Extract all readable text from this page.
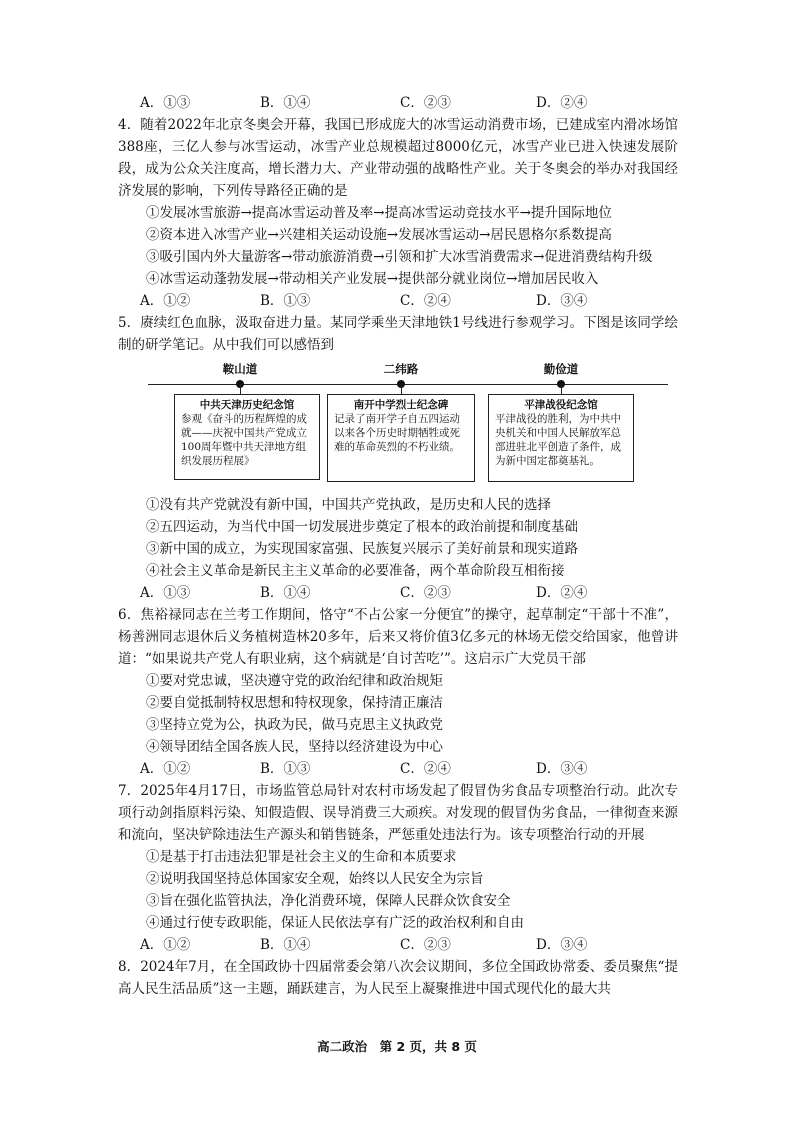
A．①③	B．①④	C．②③	D．②④
4．随着2022年北京冬奥会开幕，我国已形成庞大的冰雪运动消费市场，已建成室内滑冰场馆388座，三亿人参与冰雪运动，冰雪产业总规模超过8000亿元，冰雪产业已进入快速发展阶段，成为公众关注度高，增长潜力大、产业带动强的战略性产业。关于冬奥会的举办对我国经济发展的影响，下列传导路径正确的是
①发展冰雪旅游→提高冰雪运动普及率→提高冰雪运动竞技水平→提升国际地位
②资本进入冰雪产业→兴建相关运动设施→发展冰雪运动→居民恩格尔系数提高
③吸引国内外大量游客→带动旅游消费→引领和扩大冰雪消费需求→促进消费结构升级
④冰雪运动蓬勃发展→带动相关产业发展→提供部分就业岗位→增加居民收入
A．①②	B．①③	C．②④	D．③④
5．赓续红色血脉，汲取奋进力量。某同学乘坐天津地铁1号线进行参观学习。下图是该同学绘制的研学笔记。从中我们可以感悟到
鞍山道
中共天津历史纪念馆
参观《奋斗的历程辉煌的成就——庆祝中国共产党成立100周年暨中共天津地方组织发展历程展》
二纬路
南开中学烈士纪念碑
记录了南开学子自五四运动以来各个历史时期牺牲或死难的革命英烈的不朽业绩。
勤俭道
平津战役纪念馆
平津战役的胜利，为中共中央机关和中国人民解放军总部进驻北平创造了条件，成为新中国定都奠基礼。
①没有共产党就没有新中国，中国共产党执政，是历史和人民的选择
②五四运动，为当代中国一切发展进步奠定了根本的政治前提和制度基础
③新中国的成立，为实现国家富强、民族复兴展示了美好前景和现实道路
④社会主义革命是新民主主义革命的必要准备，两个革命阶段互相衔接
A．①③	B．①④	C．②③	D．②④
6．焦裕禄同志在兰考工作期间，恪守“不占公家一分便宜”的操守，起草制定“干部十不准”，杨善洲同志退休后义务植树造林20多年，后来又将价值3亿多元的林场无偿交给国家，他曾讲道：“如果说共产党人有职业病，这个病就是‘自讨苦吃’”。这启示广大党员干部
①要对党忠诚，坚决遵守党的政治纪律和政治规矩
②要自觉抵制特权思想和特权现象，保持清正廉洁
③坚持立党为公，执政为民，做马克思主义执政党
④领导团结全国各族人民，坚持以经济建设为中心
A．①②	B．①③	C．②④	D．③④
7．2025年4月17日，市场监管总局针对农村市场发起了假冒伪劣食品专项整治行动。此次专项行动剑指原料污染、知假造假、误导消费三大顽疾。对发现的假冒伪劣食品，一律彻查来源和流向，坚决铲除违法生产源头和销售链条，严惩重处违法行为。该专项整治行动的开展
①是基于打击违法犯罪是社会主义的生命和本质要求
②说明我国坚持总体国家安全观，始终以人民安全为宗旨
③旨在强化监管执法，净化消费环境，保障人民群众饮食安全
④通过行使专政职能，保证人民依法享有广泛的政治权利和自由
A．①②	B．①④	C．②③	D．③④
8．2024年7月，在全国政协十四届常委会第八次会议期间，多位全国政协常委、委员聚焦“提高人民生活品质”这一主题，踊跃建言，为人民至上凝聚推进中国式现代化的最大共
高二政治　第 2 页，共 8 页
